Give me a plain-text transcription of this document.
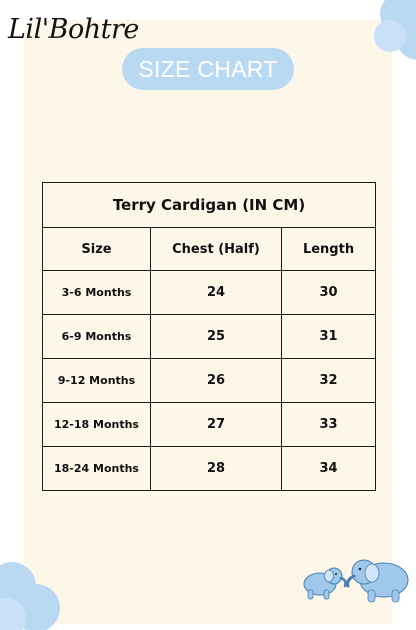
Lil'Bohtre
SIZE CHART
Terry Cardigan (IN CM)		
Size	Chest (Half)	Length
3-6 Months	24	30
6-9 Months	25	31
9-12 Months	26	32
12-18 Months	27	33
18-24 Months	28	34
